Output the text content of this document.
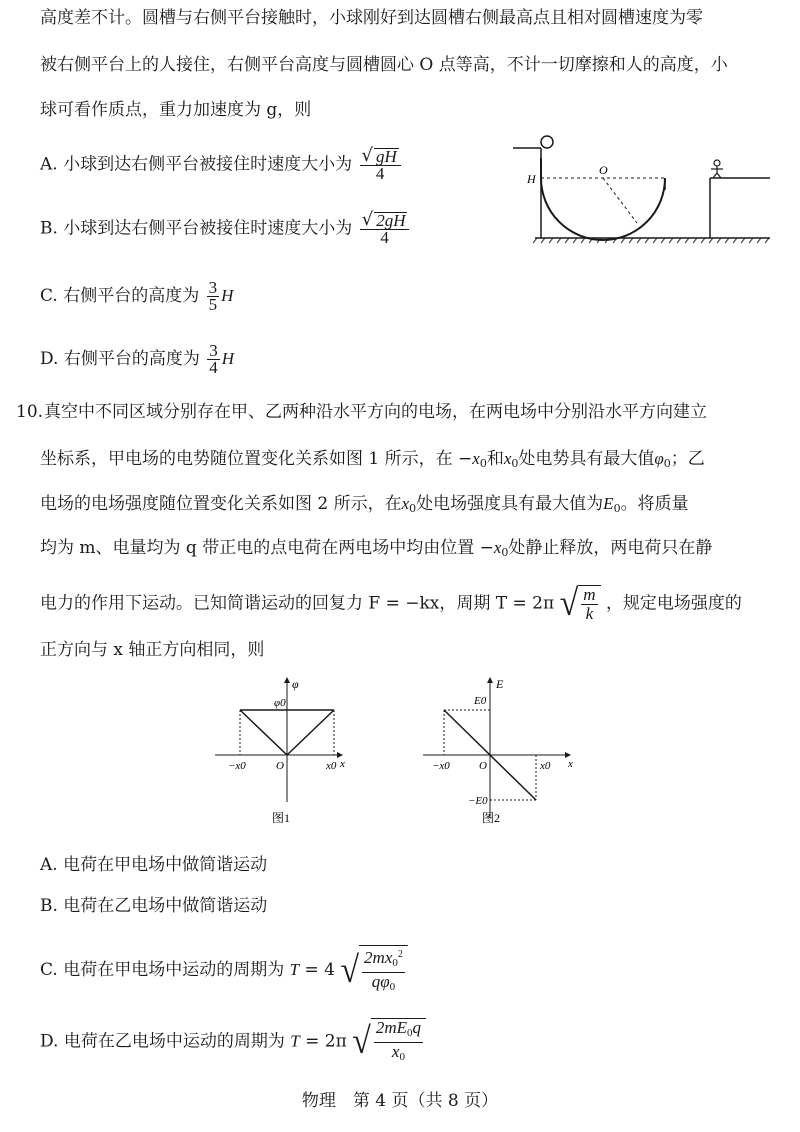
高度差不计。圆槽与右侧平台接触时，小球刚好到达圆槽右侧最高点且相对圆槽速度为零
被右侧平台上的人接住，右侧平台高度与圆槽圆心 O 点等高，不计一切摩擦和人的高度，小
球可看作质点，重力加速度为 g，则
A. 小球到达右侧平台被接住时速度大小为 $\frac{√ gH}{4}$
B. 小球到达右侧平台被接住时速度大小为 $\frac{√ 2gH}{4}$
C. 右侧平台的高度为 $\frac{3}{5}$ H
D. 右侧平台的高度为 $\frac{3}{4}$ H
H
O
10. 真空中不同区域分别存在甲、乙两种沿水平方向的电场，在两电场中分别沿水平方向建立
坐标系，甲电场的电势随位置变化关系如图 1 所示，在 $-x_0$和$x_0$处电势具有最大值$\varphi_0$；乙
电场的电场强度随位置变化关系如图 2 所示，在$x_0$处电场强度具有最大值为$E_0$。将质量
均为 m、电量均为 q 带正电的点电荷在两电场中均由位置 $-x_0$处静止释放，两电荷只在静
电力的作用下运动。已知简谐运动的回复力 F = −kx，周期 T = 2π √ m
k ，规定电场强度的
正方向与 x 轴正方向相同，则
φ
φ0
x
−x0	x0
O
图1
E
E0
−E0
x
−x0	x0
O
图2
A. 电荷在甲电场中做简谐运动
B. 电荷在乙电场中做简谐运动
C. 电荷在甲电场中运动的周期为 T = 4 √ $2mx_0^2$
$q\varphi_0$
D. 电荷在乙电场中运动的周期为 T = 2π √ $2mE_0q$
$x_0$
物理　第 4 页（共 8 页）
